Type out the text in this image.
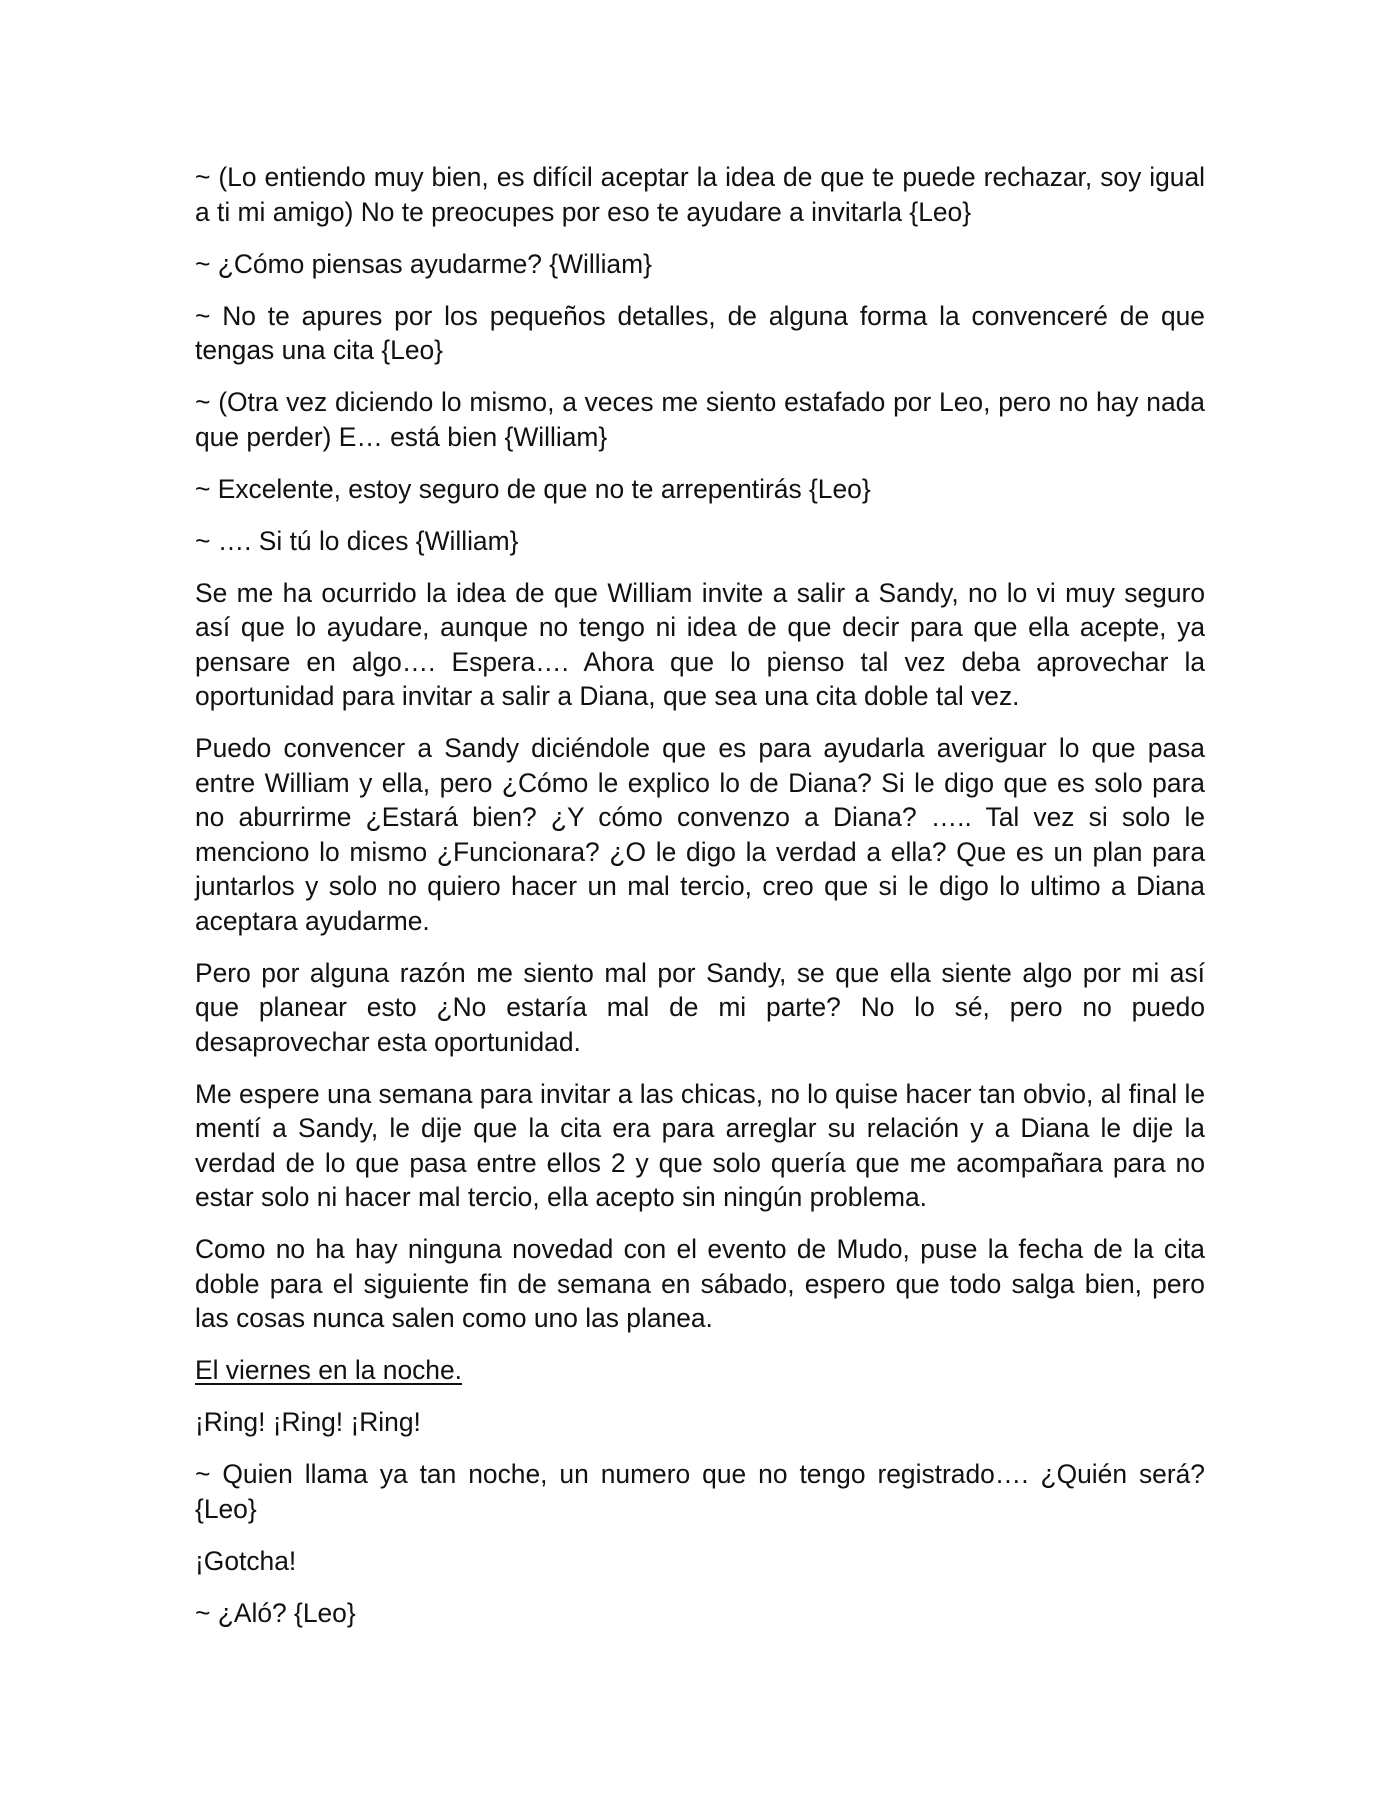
~ (Lo entiendo muy bien, es difícil aceptar la idea de que te puede rechazar, soy igual a ti mi amigo) No te preocupes por eso te ayudare a invitarla {Leo}

~ ¿Cómo piensas ayudarme? {William}

~ No te apures por los pequeños detalles, de alguna forma la convenceré de que tengas una cita {Leo}

~ (Otra vez diciendo lo mismo, a veces me siento estafado por Leo, pero no hay nada que perder) E… está bien {William}

~ Excelente, estoy seguro de que no te arrepentirás {Leo}

~ …. Si tú lo dices {William}

Se me ha ocurrido la idea de que William invite a salir a Sandy, no lo vi muy seguro así que lo ayudare, aunque no tengo ni idea de que decir para que ella acepte, ya pensare en algo…. Espera…. Ahora que lo pienso tal vez deba aprovechar la oportunidad para invitar a salir a Diana, que sea una cita doble tal vez.

Puedo convencer a Sandy diciéndole que es para ayudarla averiguar lo que pasa entre William y ella, pero ¿Cómo le explico lo de Diana? Si le digo que es solo para no aburrirme ¿Estará bien? ¿Y cómo convenzo a Diana? ….. Tal vez si solo le menciono lo mismo ¿Funcionara? ¿O le digo la verdad a ella? Que es un plan para juntarlos y solo no quiero hacer un mal tercio, creo que si le digo lo ultimo a Diana aceptara ayudarme.

Pero por alguna razón me siento mal por Sandy, se que ella siente algo por mi así que planear esto ¿No estaría mal de mi parte? No lo sé, pero no puedo desaprovechar esta oportunidad.

Me espere una semana para invitar a las chicas, no lo quise hacer tan obvio, al final le mentí a Sandy, le dije que la cita era para arreglar su relación y a Diana le dije la verdad de lo que pasa entre ellos 2 y que solo quería que me acompañara para no estar solo ni hacer mal tercio, ella acepto sin ningún problema.

Como no ha hay ninguna novedad con el evento de Mudo, puse la fecha de la cita doble para el siguiente fin de semana en sábado, espero que todo salga bien, pero las cosas nunca salen como uno las planea.

El viernes en la noche.

¡Ring! ¡Ring! ¡Ring!

~ Quien llama ya tan noche, un numero que no tengo registrado…. ¿Quién será? {Leo}

¡Gotcha!

~ ¿Aló? {Leo}
